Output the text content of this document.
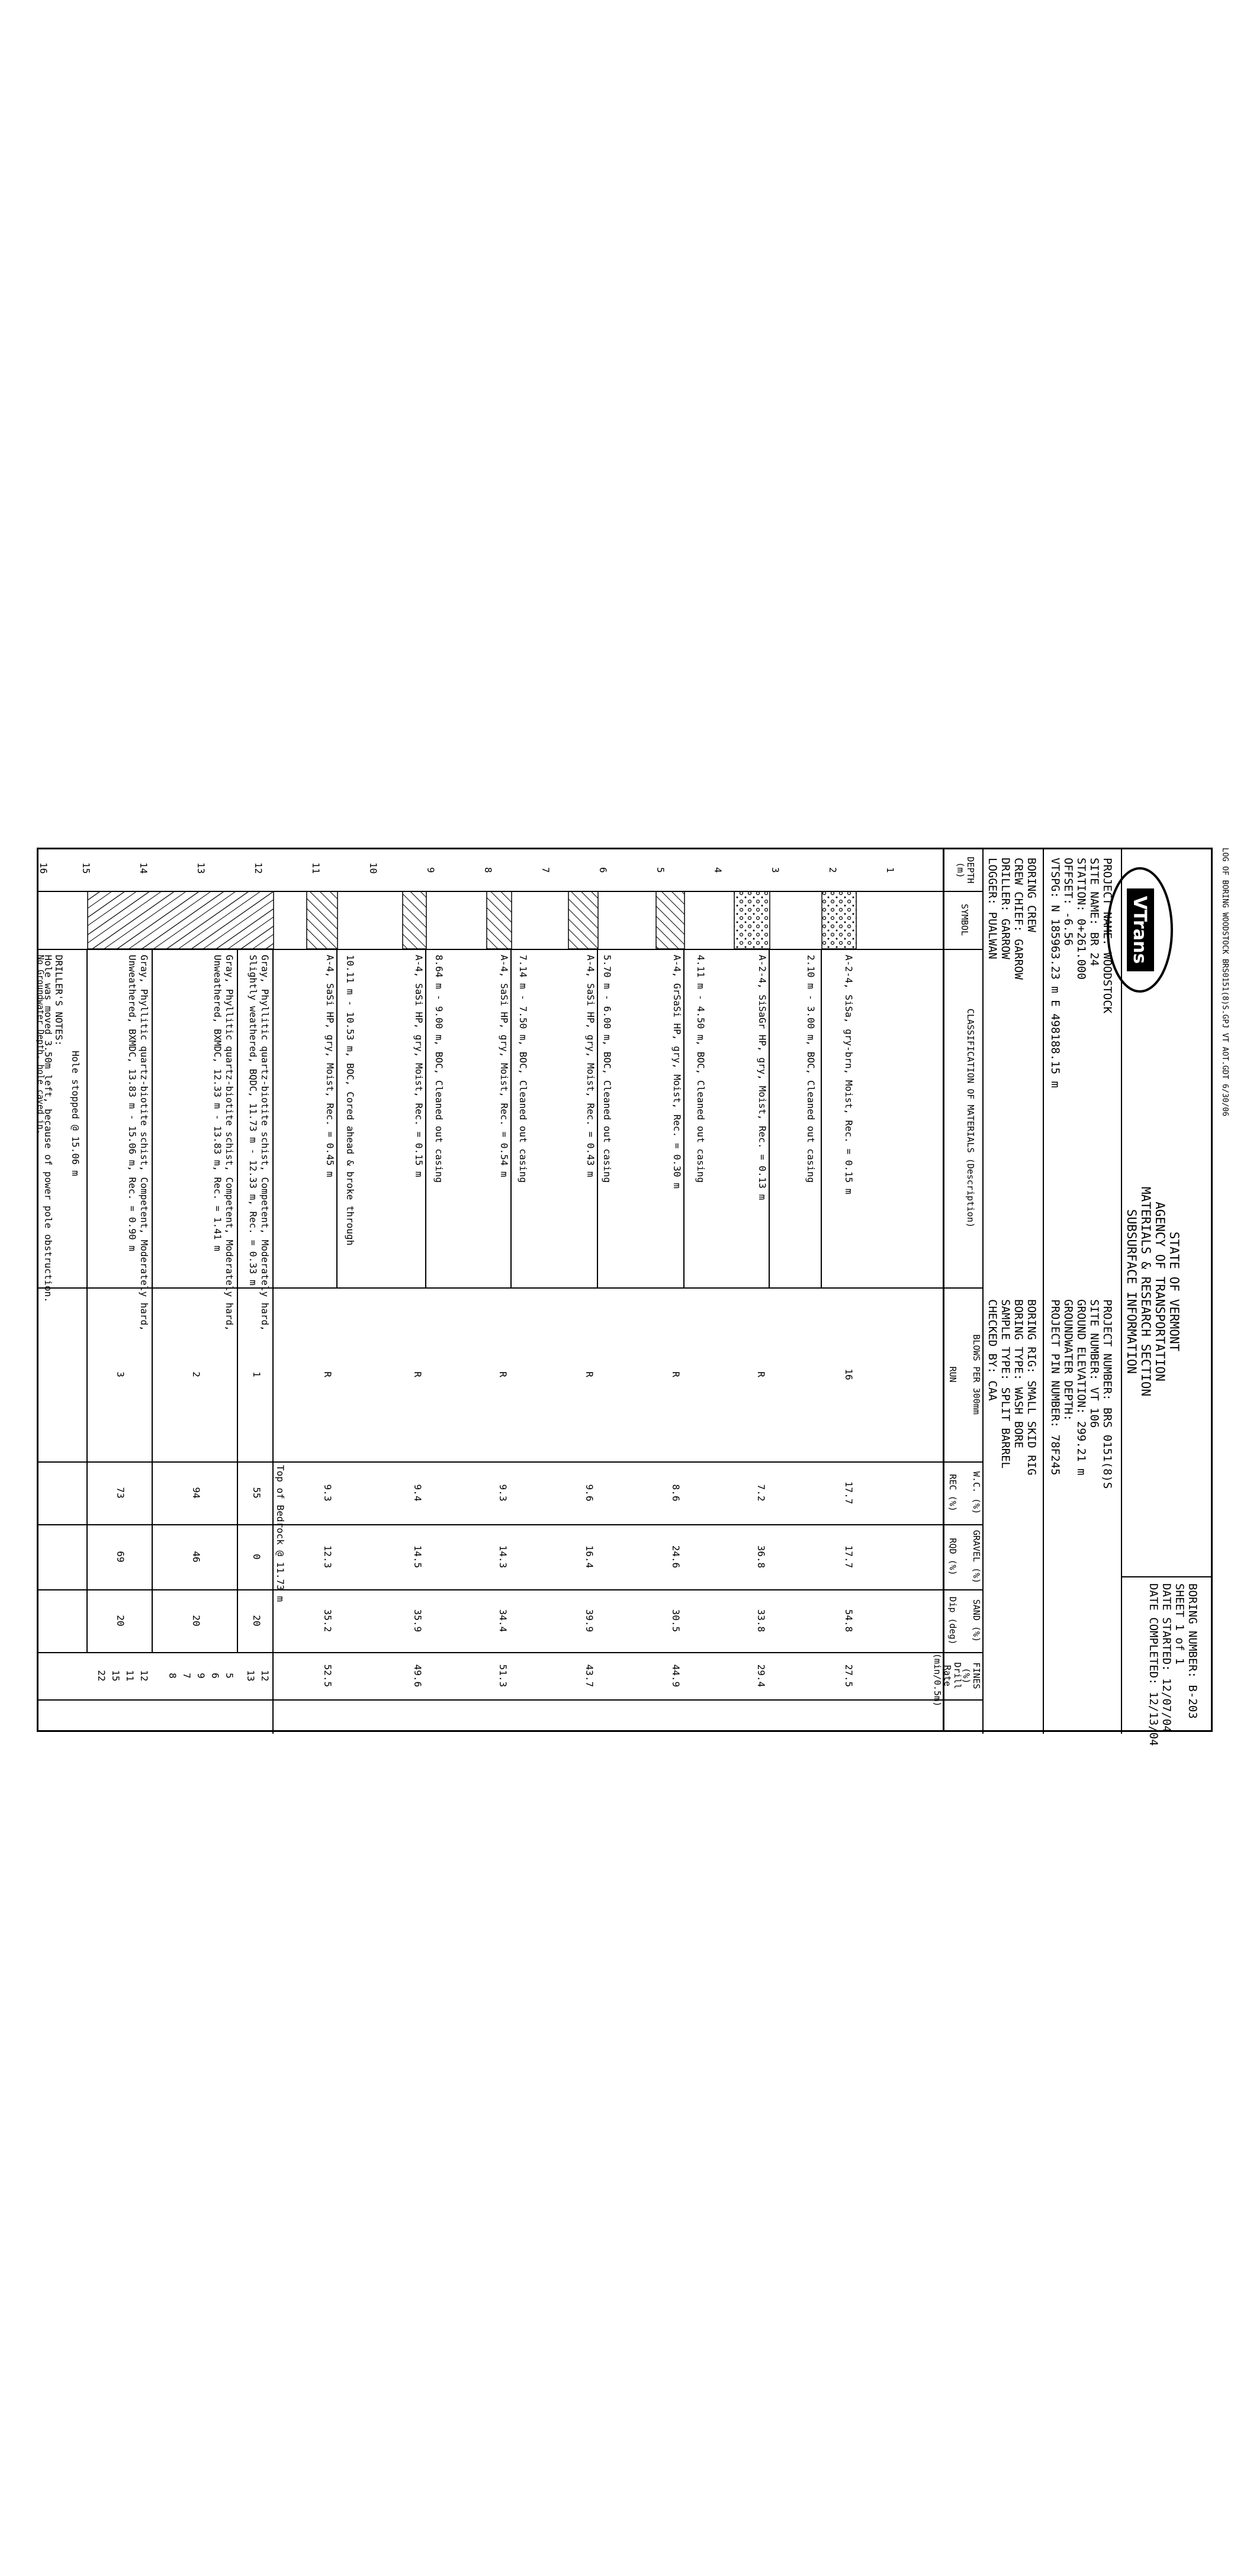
LOG OF BORING WOODSTOCK BRS0151(8)S.GPJ VT AOT.GDT 6/30/06
VTrans
STATE OF VERMONT
AGENCY OF TRANSPORTATION
MATERIALS & RESEARCH SECTION
SUBSURFACE INFORMATION
BORING NUMBER: B-203
SHEET 1 of 1
DATE STARTED: 12/07/04
DATE COMPLETED: 12/13/04
PROJECT NAME: WOODSTOCK
SITE NAME: BR 24
STATION: 0+261.000
OFFSET: -6.56
VTSPG: N 185963.23 m E 498188.15 m
PROJECT NUMBER: BRS 0151(8)S
SITE NUMBER: VT 106
GROUND ELEVATION: 299.21 m
GROUNDWATER DEPTH:
PROJECT PIN NUMBER: 78F245
BORING CREW
CREW CHIEF: GARROW
DRILLER: GARROW
LOGGER: PUALWAN
BORING RIG: SMALL SKID RIG
BORING TYPE: WASH BORE
SAMPLE TYPE: SPLIT BARREL
CHECKED BY: CAA
DEPTH (m)
SYMBOL
CLASSIFICATION OF MATERIALS (Description)
BLOWS PER 300mm
RUN
W.C. (%)
REC (%)
GRAVEL (%)
RQD (%)
SAND (%)
Dip (deg)
FINES (%)
Drill Rate (min/0.5m)
1
2
3
4
5
6
7
8
9
10
11
12
13
14
15
16
A-2-4, SiSa, gry-brn, Moist, Rec. = 0.15 m
2.10 m - 3.00 m, BOC, Cleaned out casing
A-2-4, SiSaGr HP, gry, Moist, Rec. = 0.13 m
4.11 m - 4.50 m, BOC, Cleaned out casing
A-4, GrSaSi HP, gry, Moist, Rec. = 0.30 m
5.70 m - 6.00 m, BOC, Cleaned out casing
A-4, SaSi HP, gry, Moist, Rec. = 0.43 m
7.14 m - 7.50 m, BOC, Cleaned out casing
A-4, SaSi HP, gry, Moist, Rec. = 0.54 m
8.64 m - 9.00 m, BOC, Cleaned out casing
A-4, SaSi HP, gry, Moist, Rec. = 0.15 m
10.11 m - 10.53 m, BOC, Cored ahead & broke through
A-4, SaSi HP, gry, Moist, Rec. = 0.45 m
Gray, Phyllitic quartz-biotite schist, Competent, Moderately hard,
Slightly weathered, BQDC, 11.73 m - 12.33 m, Rec. = 0.33 m
Gray, Phyllitic quartz-biotite schist, Competent, Moderately hard,
Unweathered, BXMDC, 12.33 m - 13.83 m, Rec. = 1.41 m
Gray, Phyllitic quartz-biotite schist, Competent, Moderately hard,
Unweathered, BXMDC, 13.83 m - 15.06 m, Rec. = 0.90 m
Hole stopped @ 15.06 m
DRILLER'S NOTES:
Hole was moved 3.50m left, because of power pole obstruction.
No Groundwater Depth, hole caved in.
Top of Bedrock @ 11.73 m
16
17.7
17.7
54.8
27.5
R
7.2
36.8
33.8
29.4
R
8.6
24.6
30.5
44.9
R
9.6
16.4
39.9
43.7
R
9.3
14.3
34.4
51.3
R
9.4
14.5
35.9
49.6
R
9.3
12.3
35.2
52.5
1
55
0
20
2
94
46
20
3
73
69
20
12
13
5
6
9
7
8
12
11
15
22
